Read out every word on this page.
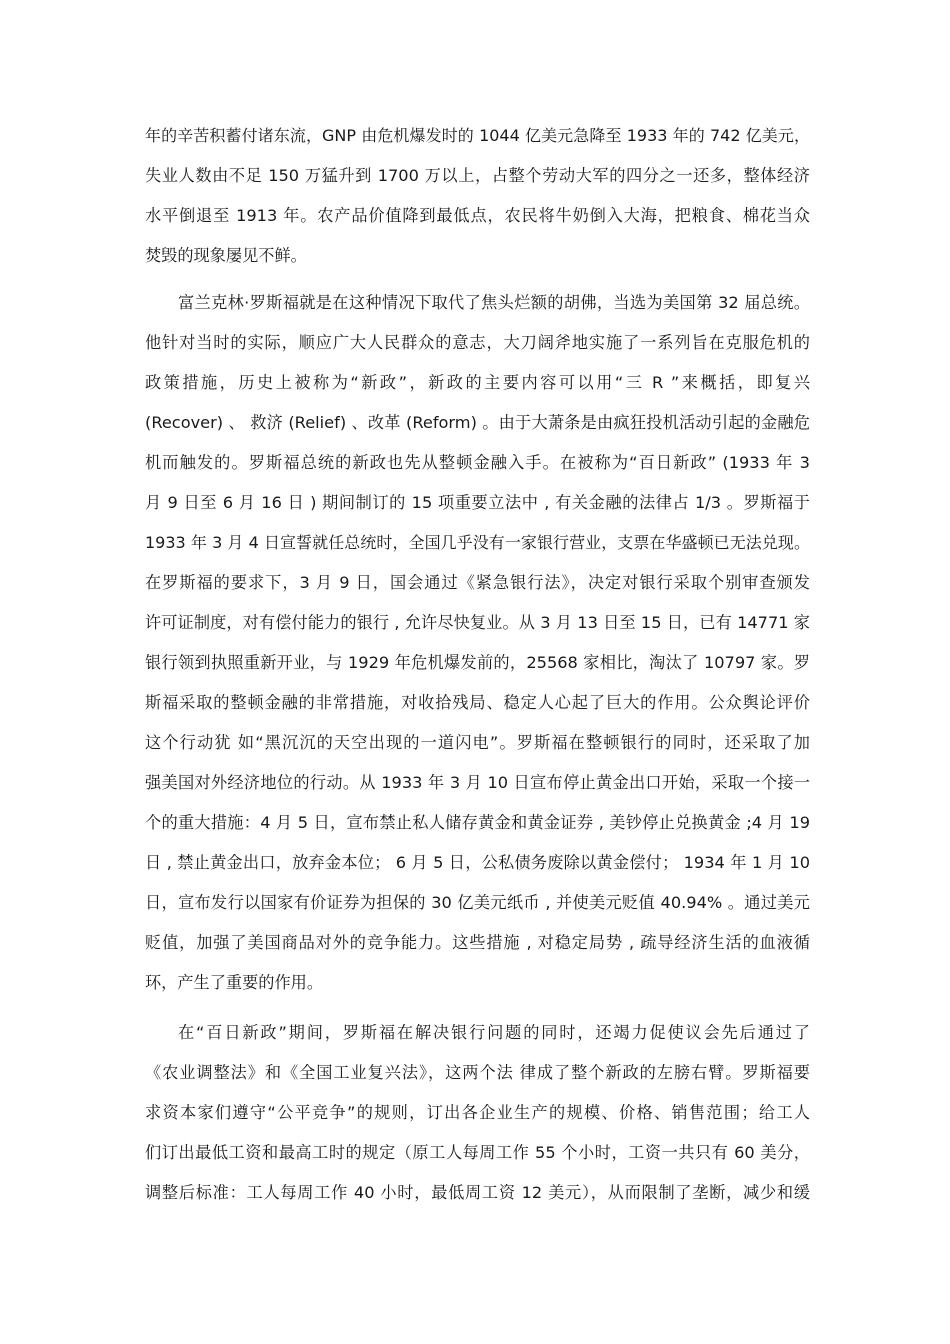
年的辛苦积蓄付诸东流，GNP 由危机爆发时的 1044 亿美元急降至 1933 年的 742 亿美元，
失业人数由不足 150 万猛升到 1700 万以上，占整个劳动大军的四分之一还多，整体经济
水平倒退至 1913 年。农产品价值降到最低点，农民将牛奶倒入大海，把粮食、棉花当众
焚毁的现象屡见不鲜。
富兰克林·罗斯福就是在这种情况下取代了焦头烂额的胡佛，当选为美国第 32 届总统。
他针对当时的实际，顺应广大人民群众的意志，大刀阔斧地实施了一系列旨在克服危机的
政策措施，历史上被称为“新政”，新政的主要内容可以用“三 R ”来概括，即复兴
(Recover) 、 救济 (Relief) 、改革 (Reform) 。由于大萧条是由疯狂投机活动引起的金融危
机而触发的。罗斯福总统的新政也先从整顿金融入手。在被称为“百日新政” (1933 年 3
月 9 日至 6 月 16 日 ) 期间制订的 15 项重要立法中 , 有关金融的法律占 1/3 。罗斯福于
1933 年 3 月 4 日宣誓就任总统时，全国几乎没有一家银行营业，支票在华盛顿已无法兑现。
在罗斯福的要求下，3 月 9 日，国会通过《紧急银行法》，决定对银行采取个别审查颁发
许可证制度，对有偿付能力的银行 , 允许尽快复业。从 3 月 13 日至 15 日，已有 14771 家
银行领到执照重新开业，与 1929 年危机爆发前的，25568 家相比，淘汰了 10797 家。罗
斯福采取的整顿金融的非常措施，对收拾残局、稳定人心起了巨大的作用。公众舆论评价
这个行动犹 如“黑沉沉的天空出现的一道闪电”。罗斯福在整顿银行的同时，还采取了加
强美国对外经济地位的行动。从 1933 年 3 月 10 日宣布停止黄金出口开始，采取一个接一
个的重大措施：4 月 5 日，宣布禁止私人储存黄金和黄金证券 , 美钞停止兑换黄金 ;4 月 19
日 , 禁止黄金出口，放弃金本位； 6 月 5 日，公私债务废除以黄金偿付； 1934 年 1 月 10
日，宣布发行以国家有价证券为担保的 30 亿美元纸币 , 并使美元贬值 40.94% 。通过美元
贬值，加强了美国商品对外的竞争能力。这些措施 , 对稳定局势 , 疏导经济生活的血液循
环，产生了重要的作用。
在“百日新政”期间，罗斯福在解决银行问题的同时，还竭力促使议会先后通过了
《农业调整法》和《全国工业复兴法》，这两个法 律成了整个新政的左膀右臂。罗斯福要
求资本家们遵守“公平竞争”的规则，订出各企业生产的规模、价格、销售范围；给工人
们订出最低工资和最高工时的规定（原工人每周工作 55 个小时，工资一共只有 60 美分，
调整后标准：工人每周工作 40 小时，最低周工资 12 美元），从而限制了垄断，减少和缓
